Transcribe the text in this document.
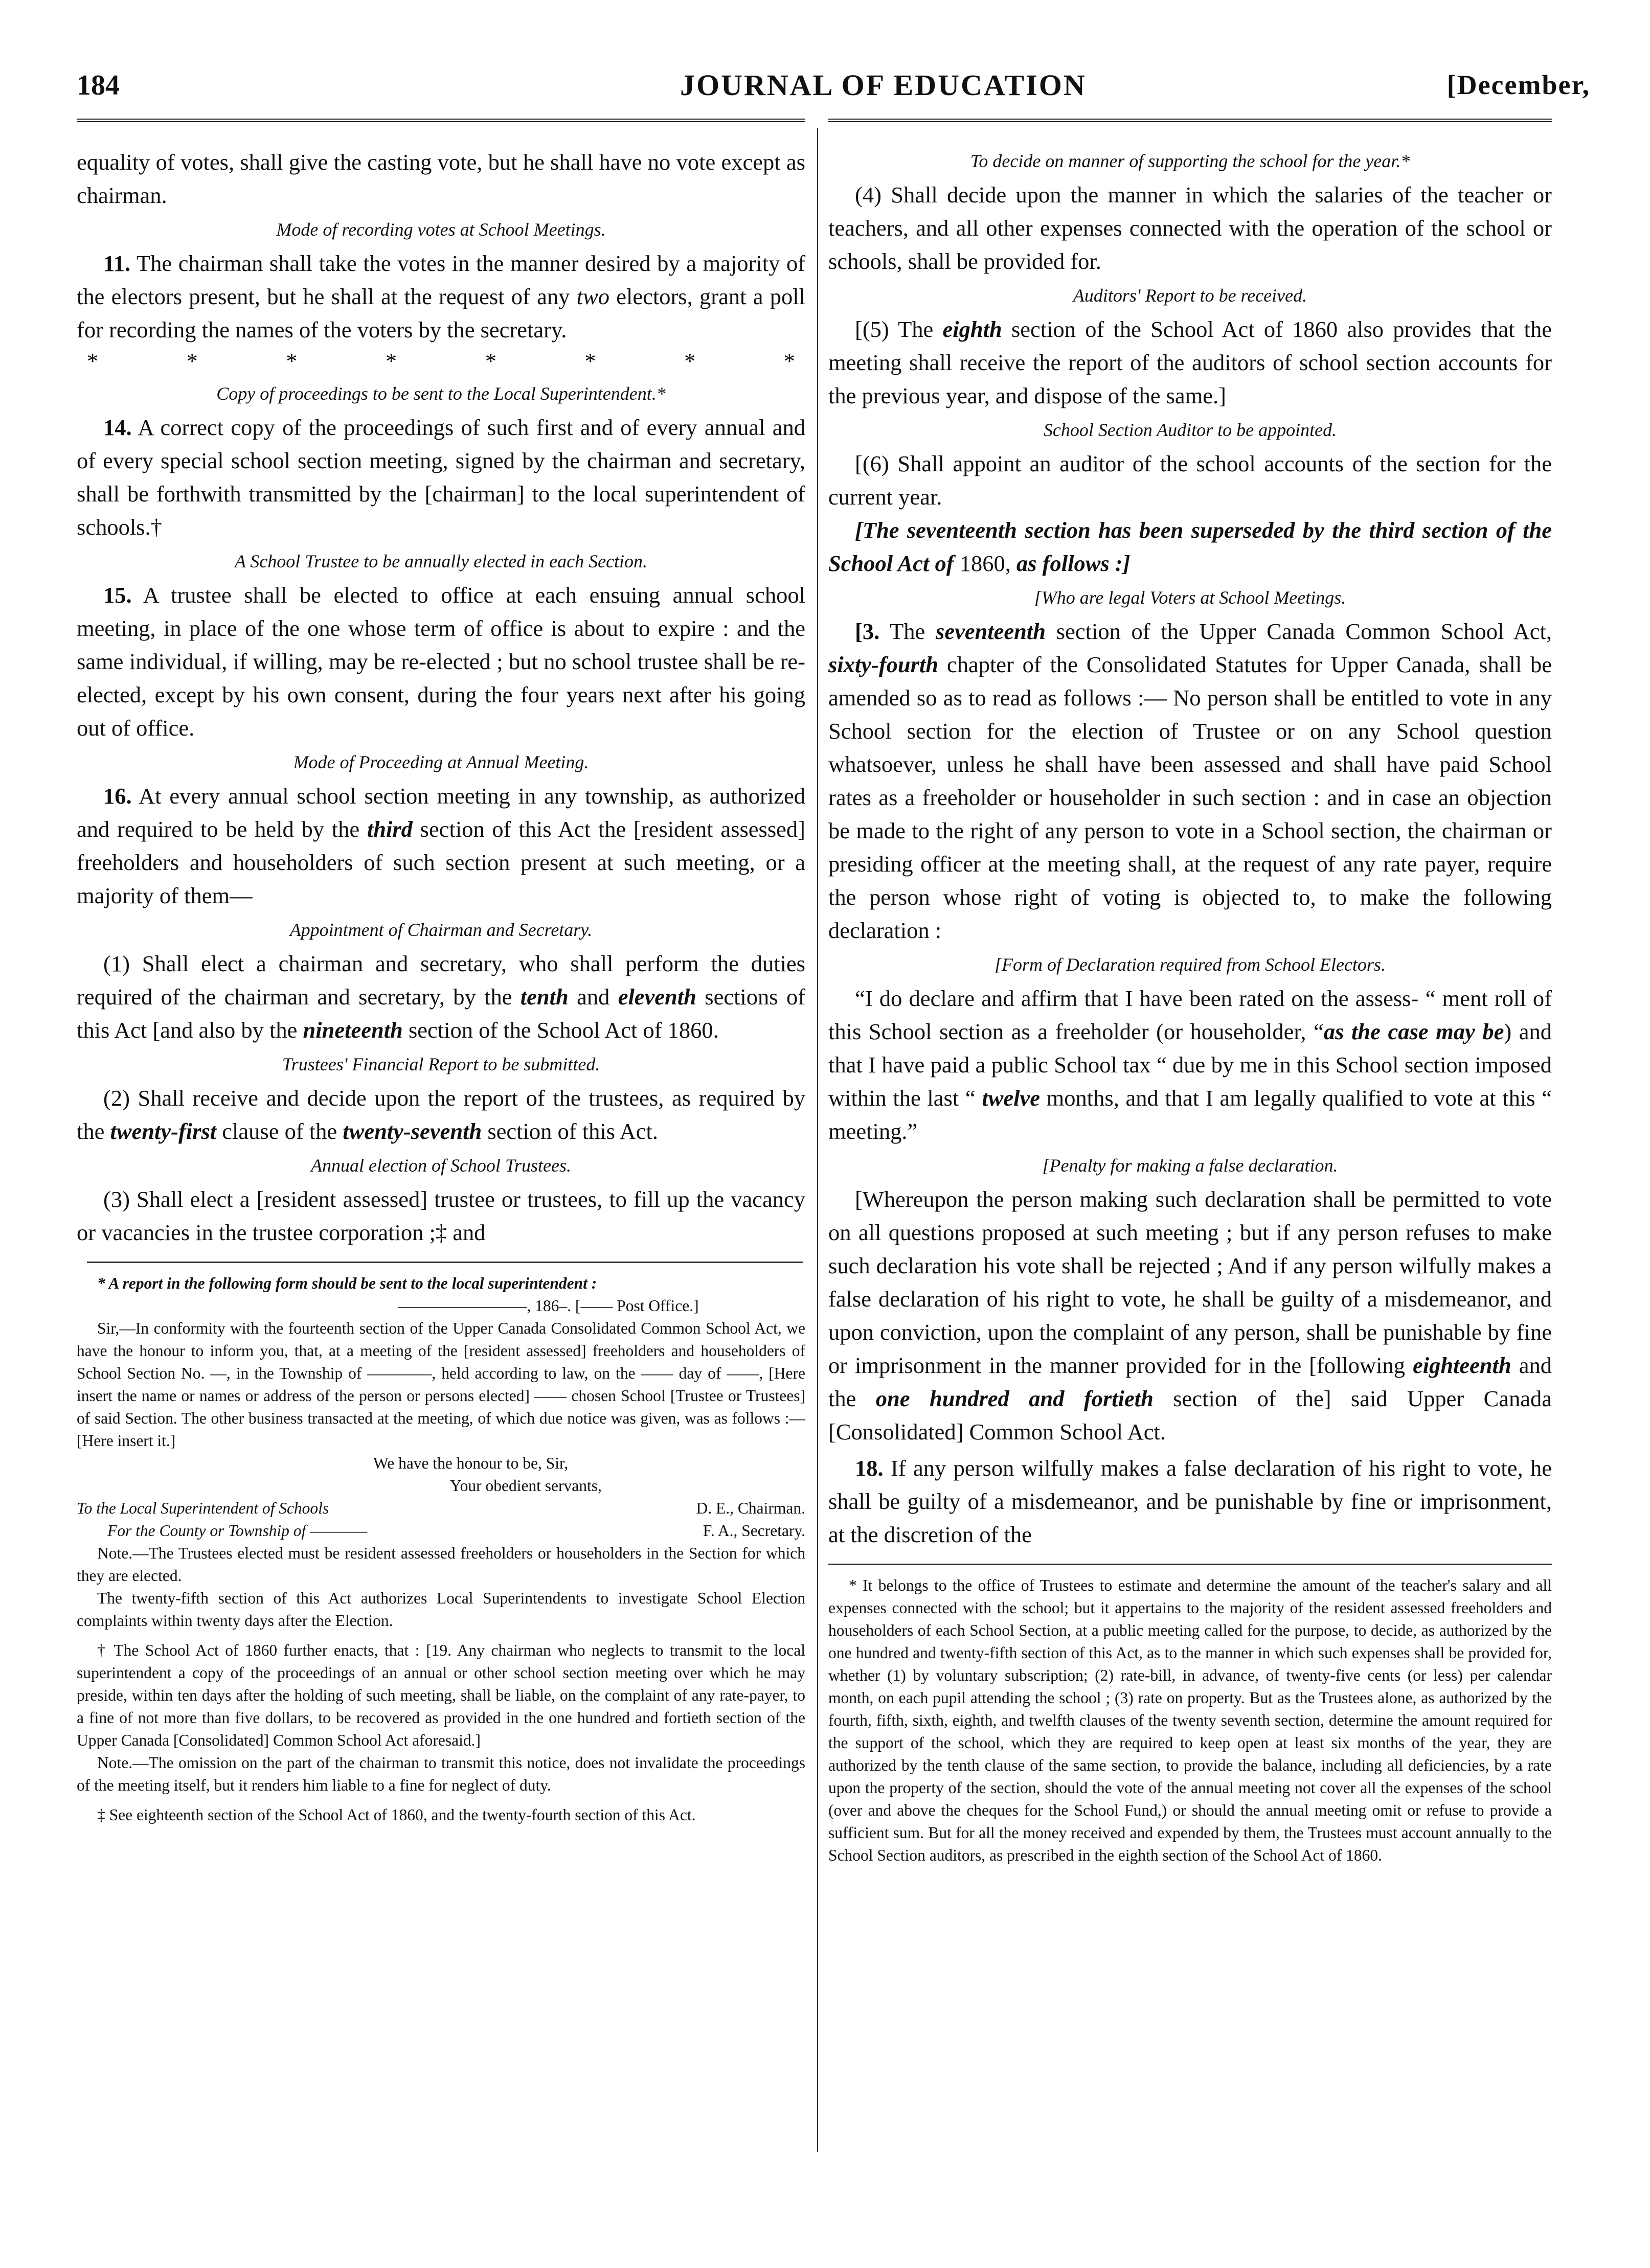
184	JOURNAL OF EDUCATION	[December,

equality of votes, shall give the casting vote, but he shall have no vote except as chairman.

Mode of recording votes at School Meetings.

11. The chairman shall take the votes in the manner desired by a majority of the electors present, but he shall at the request of any two electors, grant a poll for recording the names of the voters by the secretary.

*	*	*	*	*	*	*	*
Copy of proceedings to be sent to the Local Superintendent.*

14. A correct copy of the proceedings of such first and of every annual and of every special school section meeting, signed by the chairman and secretary, shall be forthwith transmitted by the [chairman] to the local superintendent of schools.†

A School Trustee to be annually elected in each Section.

15. A trustee shall be elected to office at each ensuing annual school meeting, in place of the one whose term of office is about to expire : and the same individual, if willing, may be re-elected ; but no school trustee shall be re-elected, except by his own consent, during the four years next after his going out of office.

Mode of Proceeding at Annual Meeting.

16. At every annual school section meeting in any township, as authorized and required to be held by the third section of this Act the [resident assessed] freeholders and householders of such section present at such meeting, or a majority of them—

Appointment of Chairman and Secretary.

(1) Shall elect a chairman and secretary, who shall perform the duties required of the chairman and secretary, by the tenth and eleventh sections of this Act [and also by the nineteenth section of the School Act of 1860.

Trustees' Financial Report to be submitted.

(2) Shall receive and decide upon the report of the trustees, as required by the twenty-first clause of the twenty-seventh section of this Act.

Annual election of School Trustees.

(3) Shall elect a [resident assessed] trustee or trustees, to fill up the vacancy or vacancies in the trustee corporation ;‡ and

* A report in the following form should be sent to the local superintendent :

————————, 186–. [—— Post Office.]

Sir,—In conformity with the fourteenth section of the Upper Canada Consolidated Common School Act, we have the honour to inform you, that, at a meeting of the [resident assessed] freeholders and householders of School Section No. —, in the Township of ————, held according to law, on the —— day of ——, [Here insert the name or names or address of the person or persons elected] —— chosen School [Trustee or Trustees] of said Section. The other business transacted at the meeting, of which due notice was given, was as follows :—[Here insert it.]

We have the honour to be, Sir,

Your obedient servants,

To the Local Superintendent of Schools	D. E., Chairman.
For the County or Township of ————	F. A., Secretary.

Note.—The Trustees elected must be resident assessed freeholders or householders in the Section for which they are elected.

The twenty-fifth section of this Act authorizes Local Superintendents to investigate School Election complaints within twenty days after the Election.

† The School Act of 1860 further enacts, that : [19. Any chairman who neglects to transmit to the local superintendent a copy of the proceedings of an annual or other school section meeting over which he may preside, within ten days after the holding of such meeting, shall be liable, on the complaint of any rate-payer, to a fine of not more than five dollars, to be recovered as provided in the one hundred and fortieth section of the Upper Canada [Consolidated] Common School Act aforesaid.]

Note.—The omission on the part of the chairman to transmit this notice, does not invalidate the proceedings of the meeting itself, but it renders him liable to a fine for neglect of duty.

‡ See eighteenth section of the School Act of 1860, and the twenty-fourth section of this Act.

To decide on manner of supporting the school for the year.*

(4) Shall decide upon the manner in which the salaries of the teacher or teachers, and all other expenses connected with the operation of the school or schools, shall be provided for.

Auditors' Report to be received.

[(5) The eighth section of the School Act of 1860 also provides that the meeting shall receive the report of the auditors of school section accounts for the previous year, and dispose of the same.]

School Section Auditor to be appointed.

[(6) Shall appoint an auditor of the school accounts of the section for the current year.

[The seventeenth section has been superseded by the third section of the School Act of 1860, as follows :]

[Who are legal Voters at School Meetings.

[3. The seventeenth section of the Upper Canada Common School Act, sixty-fourth chapter of the Consolidated Statutes for Upper Canada, shall be amended so as to read as follows :— No person shall be entitled to vote in any School section for the election of Trustee or on any School question whatsoever, unless he shall have been assessed and shall have paid School rates as a freeholder or householder in such section : and in case an objection be made to the right of any person to vote in a School section, the chairman or presiding officer at the meeting shall, at the request of any rate payer, require the person whose right of voting is objected to, to make the following declaration :

[Form of Declaration required from School Electors.

“I do declare and affirm that I have been rated on the assess- “ ment roll of this School section as a freeholder (or householder, “as the case may be) and that I have paid a public School tax “ due by me in this School section imposed within the last “ twelve months, and that I am legally qualified to vote at this “ meeting.”

[Penalty for making a false declaration.

[Whereupon the person making such declaration shall be permitted to vote on all questions proposed at such meeting ; but if any person refuses to make such declaration his vote shall be rejected ; And if any person wilfully makes a false declaration of his right to vote, he shall be guilty of a misdemeanor, and upon conviction, upon the complaint of any person, shall be punishable by fine or imprisonment in the manner provided for in the [following eighteenth and the one hundred and fortieth section of the] said Upper Canada [Consolidated] Common School Act.

18. If any person wilfully makes a false declaration of his right to vote, he shall be guilty of a misdemeanor, and be punishable by fine or imprisonment, at the discretion of the

* It belongs to the office of Trustees to estimate and determine the amount of the teacher's salary and all expenses connected with the school; but it appertains to the majority of the resident assessed freeholders and householders of each School Section, at a public meeting called for the purpose, to decide, as authorized by the one hundred and twenty-fifth section of this Act, as to the manner in which such expenses shall be provided for, whether (1) by voluntary subscription; (2) rate-bill, in advance, of twenty-five cents (or less) per calendar month, on each pupil attending the school ; (3) rate on property. But as the Trustees alone, as authorized by the fourth, fifth, sixth, eighth, and twelfth clauses of the twenty seventh section, determine the amount required for the support of the school, which they are required to keep open at least six months of the year, they are authorized by the tenth clause of the same section, to provide the balance, including all deficiencies, by a rate upon the property of the section, should the vote of the annual meeting not cover all the expenses of the school (over and above the cheques for the School Fund,) or should the annual meeting omit or refuse to provide a sufficient sum. But for all the money received and expended by them, the Trustees must account annually to the School Section auditors, as prescribed in the eighth section of the School Act of 1860.
